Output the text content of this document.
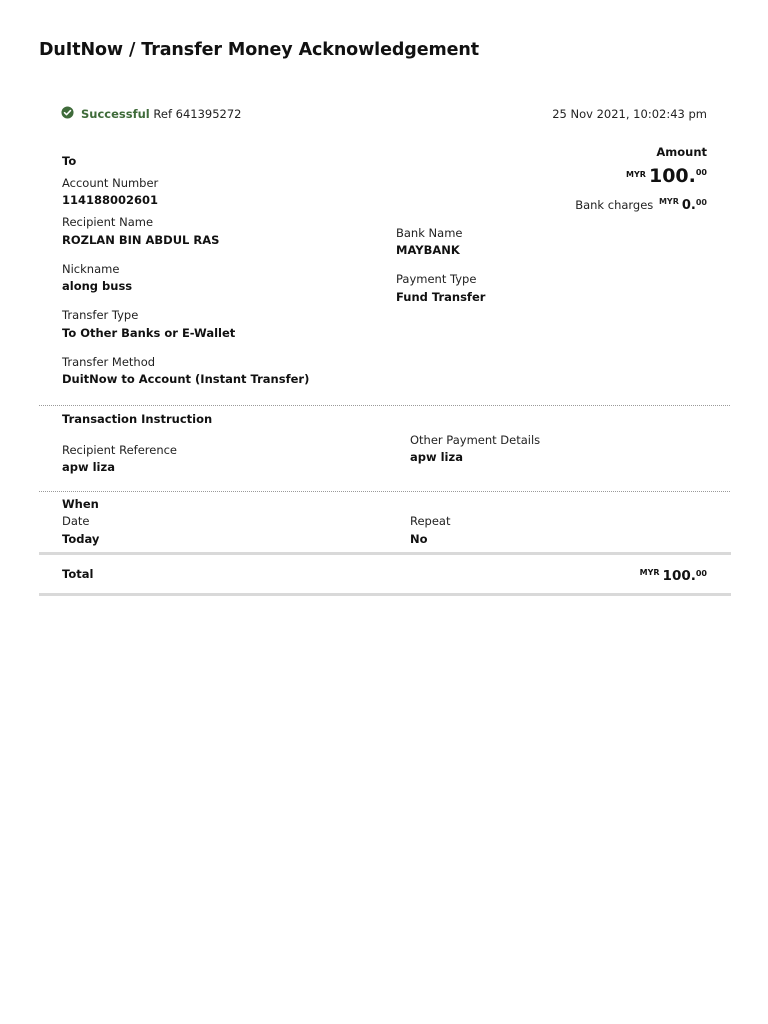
DuItNow / Transfer Money Acknowledgement
Successful Ref 641395272	25 Nov 2021, 10:02:43 pm
To
Account Number
114188002601
Recipient Name
ROZLAN BIN ABDUL RAS
Nickname
along buss
Transfer Type
To Other Banks or E-Wallet
Transfer Method
DuitNow to Account (Instant Transfer)
Bank Name
MAYBANK
Payment Type
Fund Transfer
Amount
$^{MYR}$ 100.00
Bank charges $^{MYR}$ 0.00
Transaction Instruction
Recipient Reference
apw liza
Other Payment Details
apw liza
When
Date
Today
Repeat
No
Total	$^{MYR}$ 100.00
